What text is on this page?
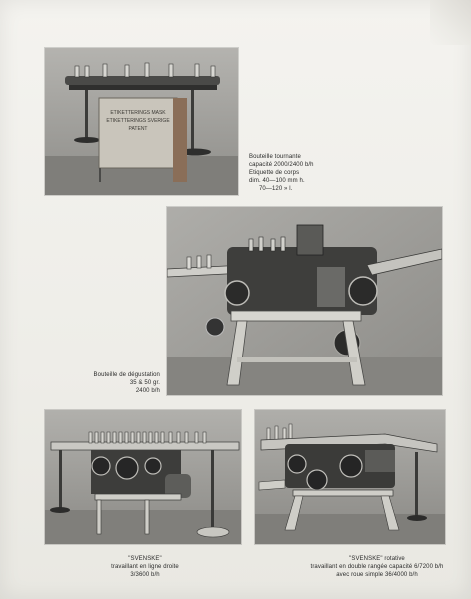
ETIKETTERINGS MASK
ETIKETTERINGS SVERIGE
PATENT
Bouteille tournante
capacité 2000/2400 b/h
Etiquette de corps
dim. 40—100 mm h.
70—120 » l.
Bouteille de dégustation
35 & 50 gr.
2400 b/h
"SVENSKE"
travaillant en ligne droite
3/3600 b/h
"SVENSKE" rotative
travaillant en double rangée capacité 6/7200 b/h
avec roue simple 36/4000 b/h
